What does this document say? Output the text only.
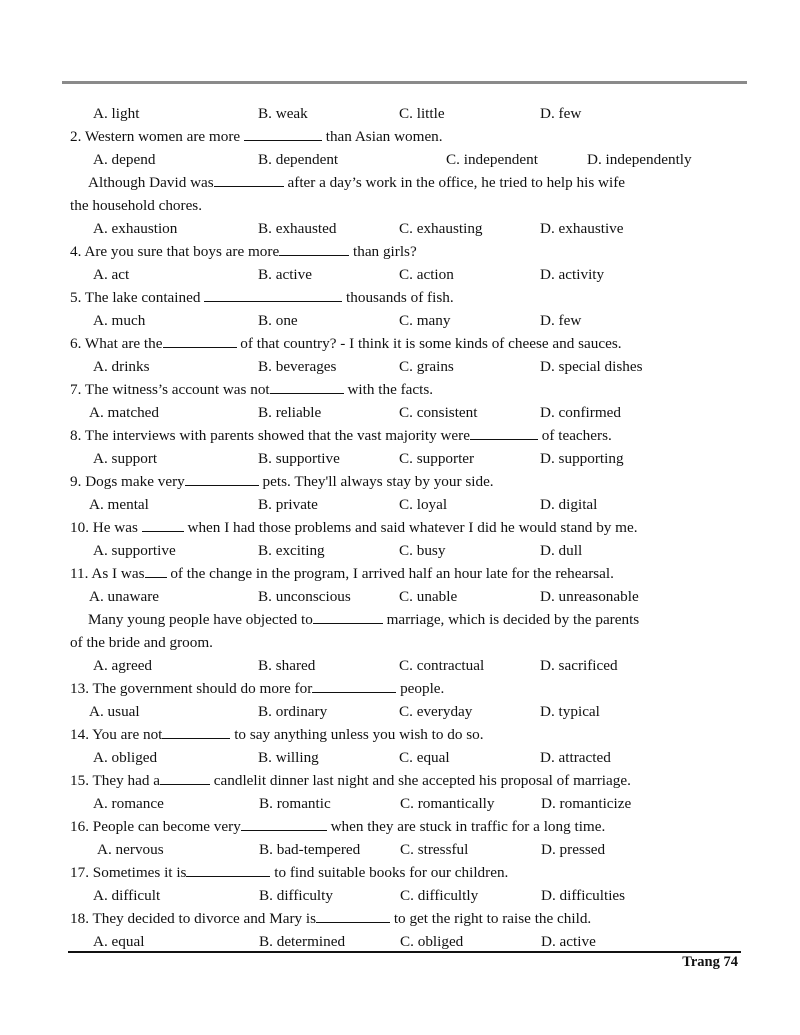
A. light	B. weak	C. little	D. few
2. Western women are more	than Asian women.
A. depend	B. dependent	C. independent	D. independently
Although David was	after a day’s work in the office, he tried to help his wife
the household chores.
A. exhaustion	B. exhausted	C. exhausting	D. exhaustive
4. Are you sure that boys are more	than girls?
A. act	B. active	C. action	D. activity
5. The lake contained	thousands of fish.
A. much	B. one	C. many	D. few
6. What are the	of that country? - I think it is some kinds of cheese and sauces.
A. drinks	B. beverages	C. grains	D. special dishes
7. The witness’s account was not	with the facts.
A. matched	B. reliable	C. consistent	D. confirmed
8. The interviews with parents showed that the vast majority were	of teachers.
A. support	B. supportive	C. supporter	D. supporting
9. Dogs make very	pets. They'll always stay by your side.
A. mental	B. private	C. loyal	D. digital
10. He was	when I had those problems and said whatever I did he would stand by me.
A. supportive	B. exciting	C. busy	D. dull
11. As I was of the change in the program, I arrived half an hour late for the rehearsal.
A. unaware	B. unconscious	C. unable	D. unreasonable
Many young people have objected to	marriage, which is decided by the parents
of the bride and groom.
A. agreed	B. shared	C. contractual	D. sacrificed
13. The government should do more for	people.
A. usual	B. ordinary	C. everyday	D. typical
14. You are not	to say anything unless you wish to do so.
A. obliged	B. willing	C. equal	D. attracted
15. They had a	candlelit dinner last night and she accepted his proposal of marriage.
A. romance	B. romantic	C. romantically	D. romanticize
16. People can become very	when they are stuck in traffic for a long time.
A. nervous	B. bad-tempered	C. stressful	D. pressed
17. Sometimes it is	to find suitable books for our children.
A. difficult	B. difficulty	C. difficultly	D. difficulties
18. They decided to divorce and Mary is	to get the right to raise the child.
A. equal	B. determined	C. obliged	D. active
Trang 74
